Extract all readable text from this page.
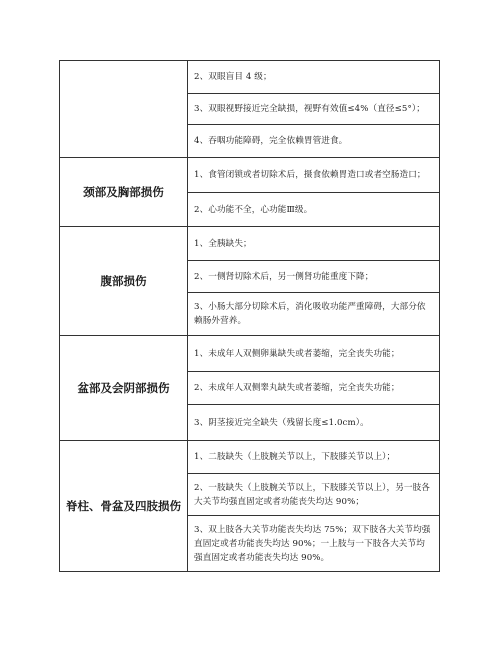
	2、双眼盲目 4 级；
	3、双眼视野接近完全缺损，视野有效值≤4%（直径≤5°）；
	4、吞咽功能障碍，完全依赖胃管进食。
颈部及胸部损伤	1、食管闭锁或者切除术后，摄食依赖胃造口或者空肠造口；
	2、心功能不全，心功能Ⅲ级。
腹部损伤	1、全胰缺失；
	2、一侧肾切除术后，另一侧肾功能重度下降；
	3、小肠大部分切除术后，消化吸收功能严重障碍，大部分依赖肠外营养。
盆部及会阴部损伤	1、未成年人双侧卵巢缺失或者萎缩，完全丧失功能；
	2、未成年人双侧睾丸缺失或者萎缩，完全丧失功能；
	3、阴茎接近完全缺失（残留长度≤1.0cm）。
脊柱、骨盆及四肢损伤	1、二肢缺失（上肢腕关节以上，下肢膝关节以上）；
	2、一肢缺失（上肢腕关节以上，下肢膝关节以上），另一肢各大关节均强直固定或者功能丧失均达 90%；
	3、双上肢各大关节功能丧失均达 75%；双下肢各大关节均强直固定或者功能丧失均达 90%；一上肢与一下肢各大关节均强直固定或者功能丧失均达 90%。
